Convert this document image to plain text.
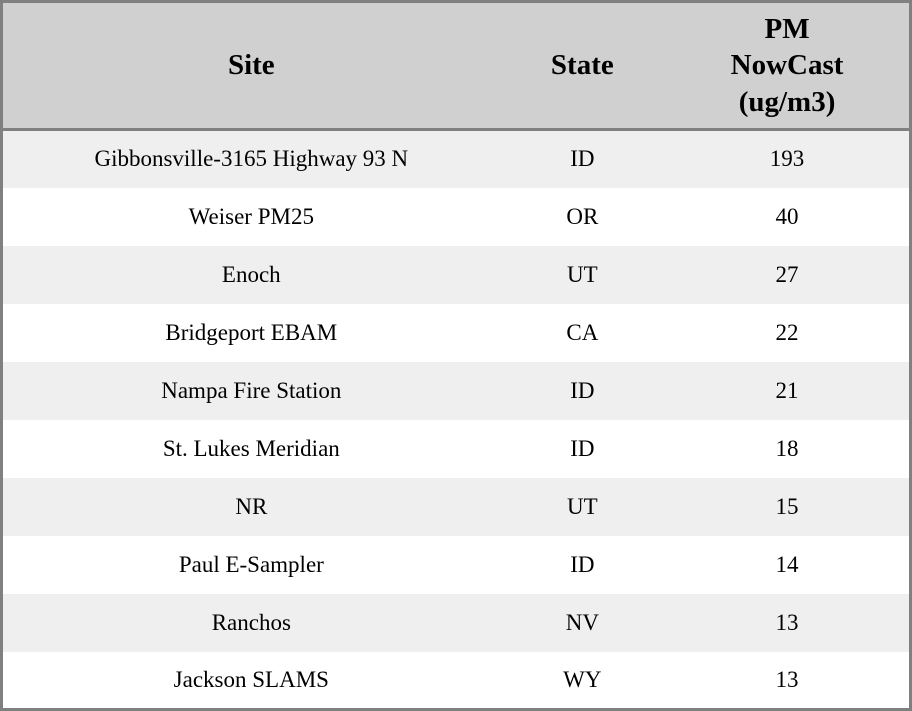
Site	State	PM NowCast (ug/m3)
Gibbonsville-3165 Highway 93 N	ID	193
Weiser PM25	OR	40
Enoch	UT	27
Bridgeport EBAM	CA	22
Nampa Fire Station	ID	21
St. Lukes Meridian	ID	18
NR	UT	15
Paul E-Sampler	ID	14
Ranchos	NV	13
Jackson SLAMS	WY	13
